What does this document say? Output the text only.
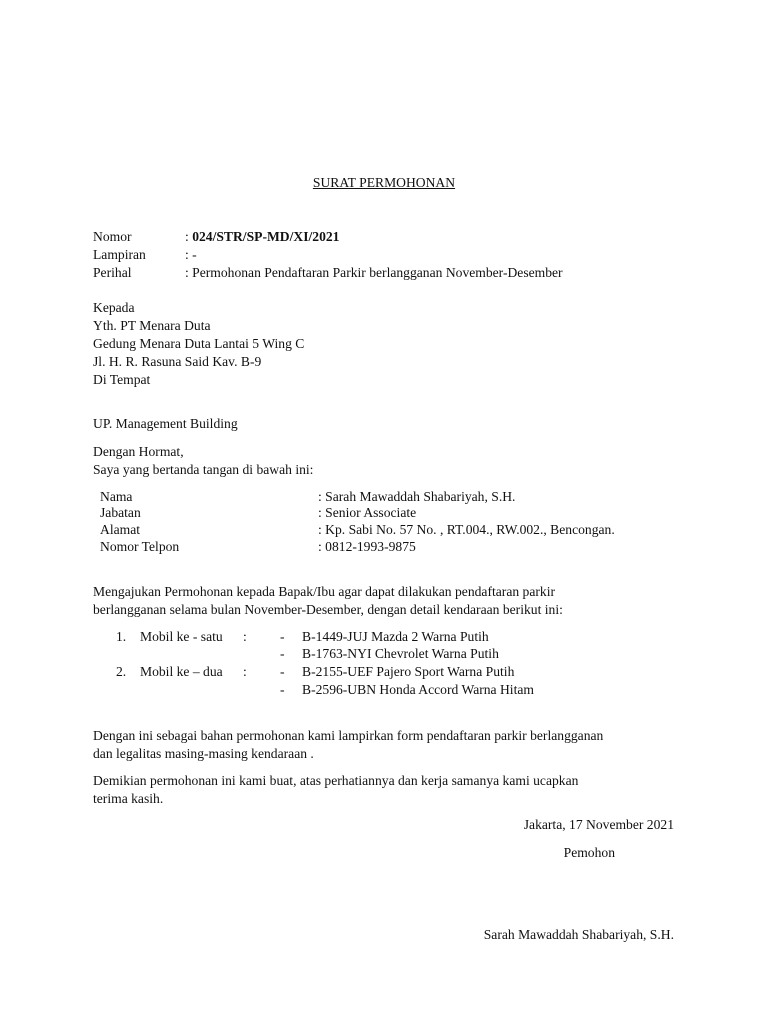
SURAT PERMOHONAN
Nomor	: 024/STR/SP-MD/XI/2021
Lampiran	: -
Perihal	: Permohonan Pendaftaran Parkir berlangganan November-Desember
Kepada
Yth. PT Menara Duta
Gedung Menara Duta Lantai 5 Wing C
Jl. H. R. Rasuna Said Kav. B-9
Di Tempat
UP. Management Building
Dengan Hormat,
Saya yang bertanda tangan di bawah ini:
Nama	: Sarah Mawaddah Shabariyah, S.H.
Jabatan	: Senior Associate
Alamat	: Kp. Sabi No. 57 No. , RT.004., RW.002., Bencongan.
Nomor Telpon	: 0812-1993-9875
Mengajukan Permohonan kepada Bapak/Ibu agar dapat dilakukan pendaftaran parkir
berlangganan selama bulan November-Desember, dengan detail kendaraan berikut ini:
1. Mobil ke - satu : - B-1449-JUJ Mazda 2 Warna Putih
- B-1763-NYI Chevrolet Warna Putih
2. Mobil ke – dua : - B-2155-UEF Pajero Sport Warna Putih
- B-2596-UBN Honda Accord Warna Hitam
Dengan ini sebagai bahan permohonan kami lampirkan form pendaftaran parkir berlangganan
dan legalitas masing-masing kendaraan .
Demikian permohonan ini kami buat, atas perhatiannya dan kerja samanya kami ucapkan
terima kasih.
Jakarta, 17 November 2021
Pemohon
Sarah Mawaddah Shabariyah, S.H.
